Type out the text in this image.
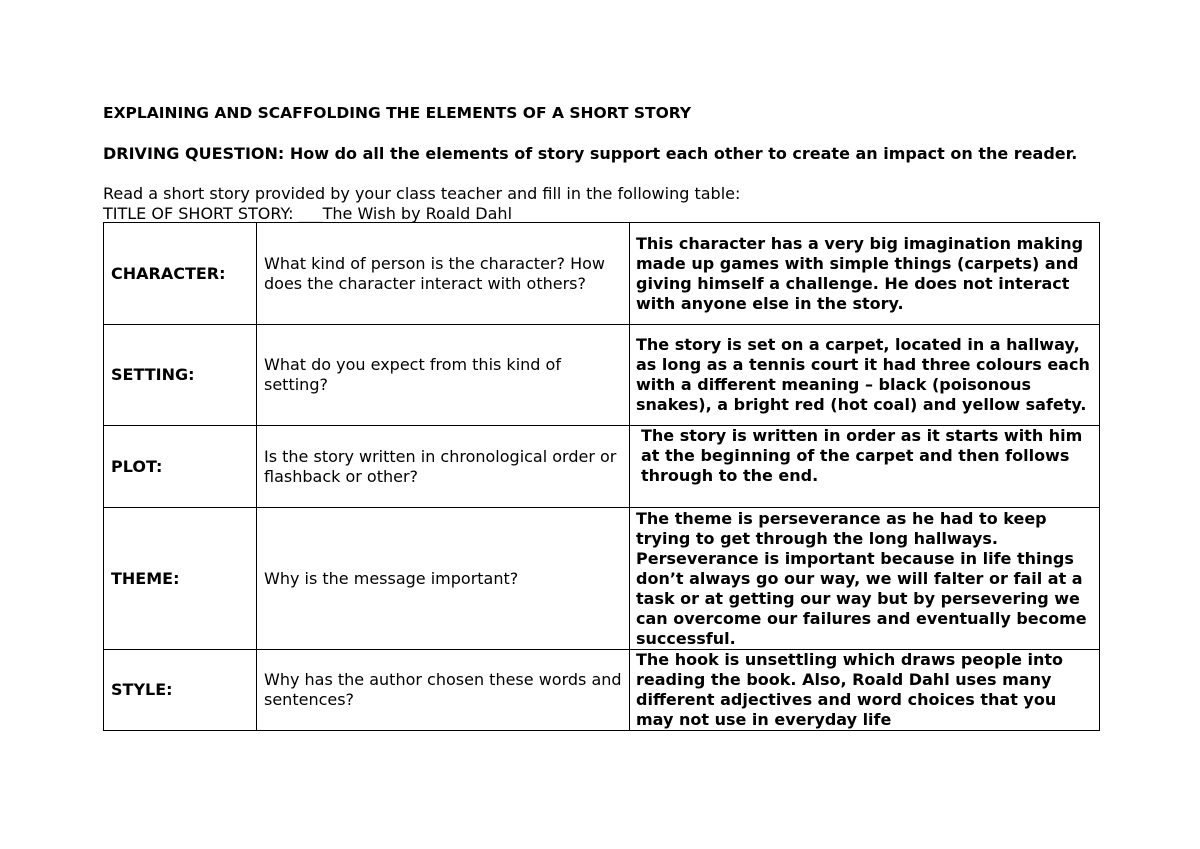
EXPLAINING AND SCAFFOLDING THE ELEMENTS OF A SHORT STORY
DRIVING QUESTION: How do all the elements of story support each other to create an impact on the reader.
Read a short story provided by your class teacher and fill in the following table:
TITLE OF SHORT STORY: ___The Wish by Roald Dahl
CHARACTER:	What kind of person is the character? How does the character interact with others?	This character has a very big imagination making made up games with simple things (carpets) and giving himself a challenge. He does not interact with anyone else in the story.
SETTING:	What do you expect from this kind of setting?	The story is set on a carpet, located in a hallway, as long as a tennis court it had three colours each with a different meaning – black (poisonous snakes), a bright red (hot coal) and yellow safety.
PLOT:	Is the story written in chronological order or flashback or other?	The story is written in order as it starts with him at the beginning of the carpet and then follows through to the end.
THEME:	Why is the message important?	The theme is perseverance as he had to keep trying to get through the long hallways. Perseverance is important because in life things don’t always go our way, we will falter or fail at a task or at getting our way but by persevering we can overcome our failures and eventually become successful.
STYLE:	Why has the author chosen these words and sentences?	The hook is unsettling which draws people into reading the book. Also, Roald Dahl uses many different adjectives and word choices that you may not use in everyday life
